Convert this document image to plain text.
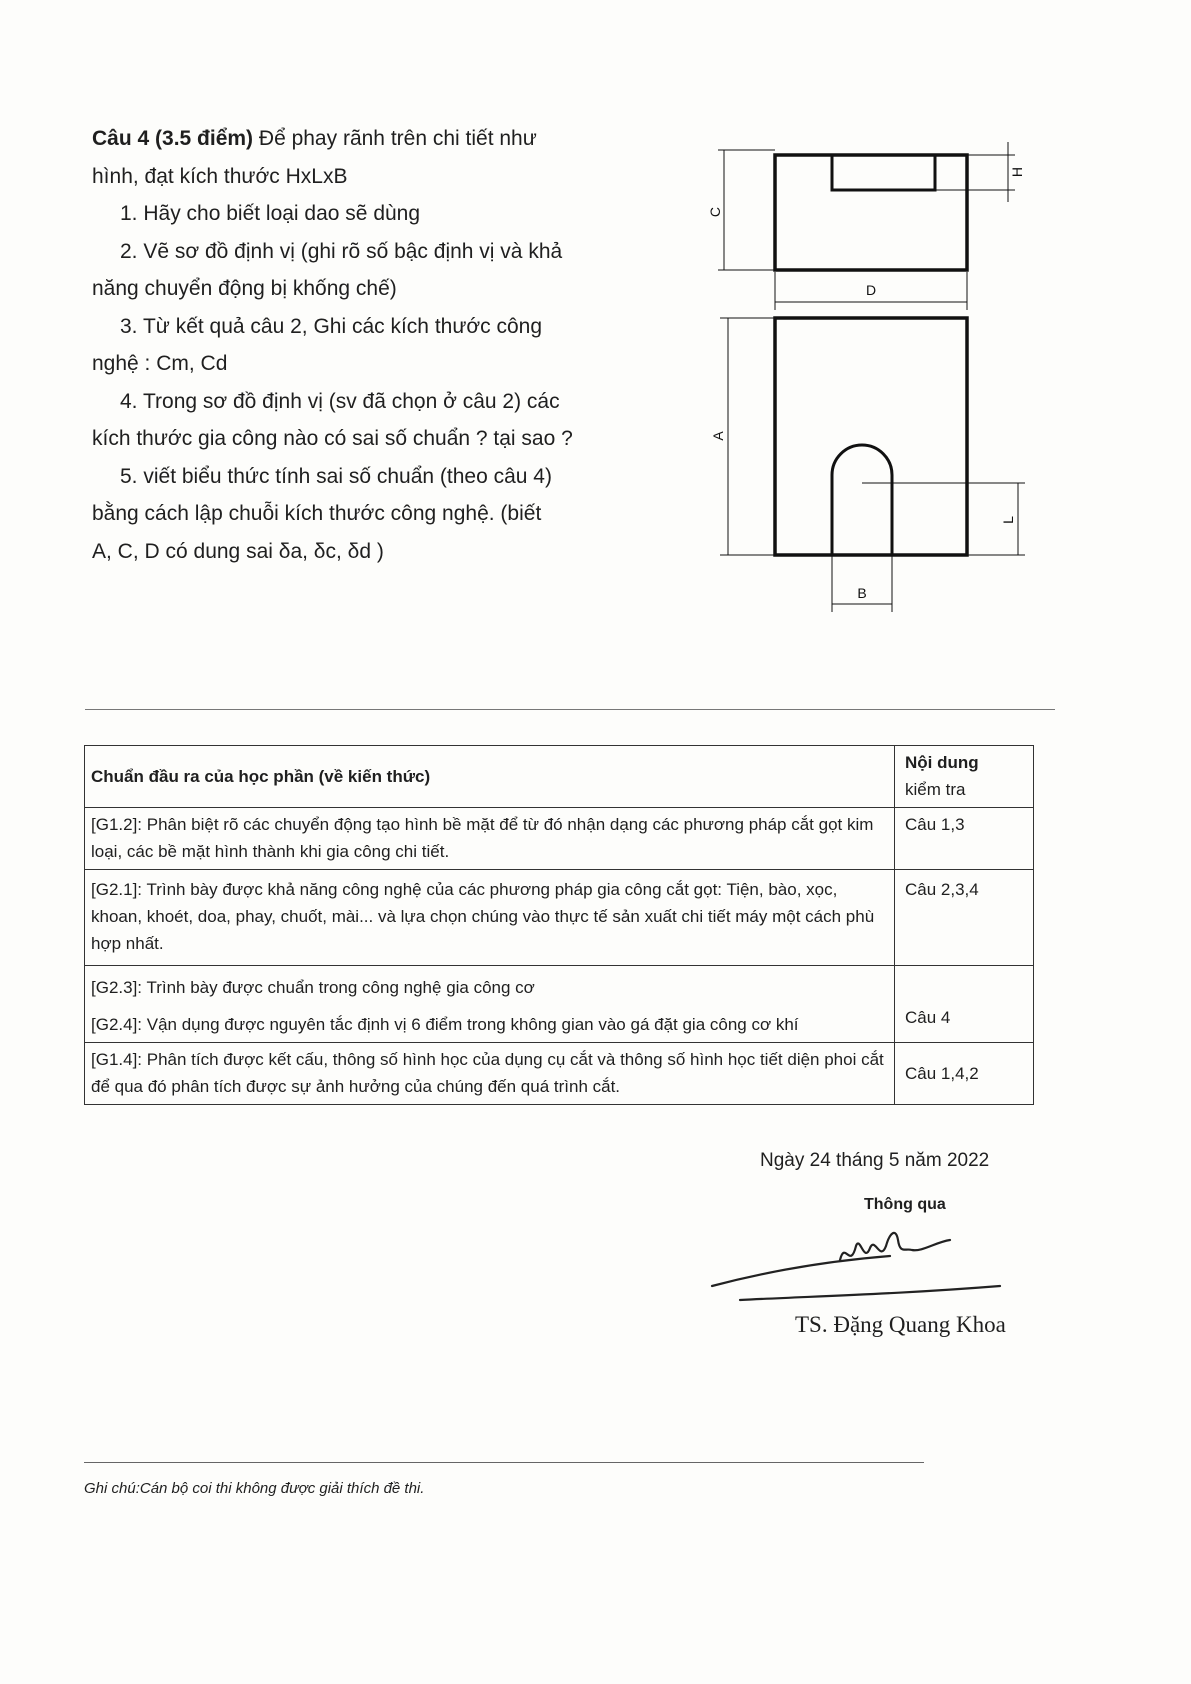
Câu 4 (3.5 điểm) Để phay rãnh trên chi tiết như
hình, đạt kích thước HxLxB
1. Hãy cho biết loại dao sẽ dùng
2. Vẽ sơ đồ định vị (ghi rõ số bậc định vị và khả
năng chuyển động bị khống chế)
3. Từ kết quả câu 2, Ghi các kích thước công
nghệ : Cm, Cd
4. Trong sơ đồ định vị (sv đã chọn ở câu 2) các
kích thước gia công nào có sai số chuẩn ? tại sao ?
5. viết biểu thức tính sai số chuẩn (theo câu 4)
bằng cách lập chuỗi kích thước công nghệ. (biết
A, C, D có dung sai δa, δc, δd )
H
C
D
A
L
B
Chuẩn đầu ra của học phần (về kiến thức)	Nội dung
kiểm tra

[G1.2]: Phân biệt rõ các chuyển động tạo hình bề mặt để từ đó nhận dạng các phương pháp cắt gọt kim loại, các bề mặt hình thành khi gia công chi tiết.	Câu 1,3
[G2.1]: Trình bày được khả năng công nghệ của các phương pháp gia công cắt gọt: Tiện, bào, xọc, khoan, khoét, doa, phay, chuốt, mài... và lựa chọn chúng vào thực tế sản xuất chi tiết máy một cách phù hợp nhất.	Câu 2,3,4

[G2.3]: Trình bày được chuẩn trong công nghệ gia công cơ
[G2.4]: Vận dụng được nguyên tắc định vị 6 điểm trong không gian vào gá đặt gia công cơ khí	Câu 4
[G1.4]: Phân tích được kết cấu, thông số hình học của dụng cụ cắt và thông số hình học tiết diện phoi cắt để qua đó phân tích được sự ảnh hưởng của chúng đến quá trình cắt.	Câu 1,4,2
Ngày 24 tháng 5 năm 2022
Thông qua
TS. Đặng Quang Khoa
Ghi chú:Cán bộ coi thi không được giải thích đề thi.
